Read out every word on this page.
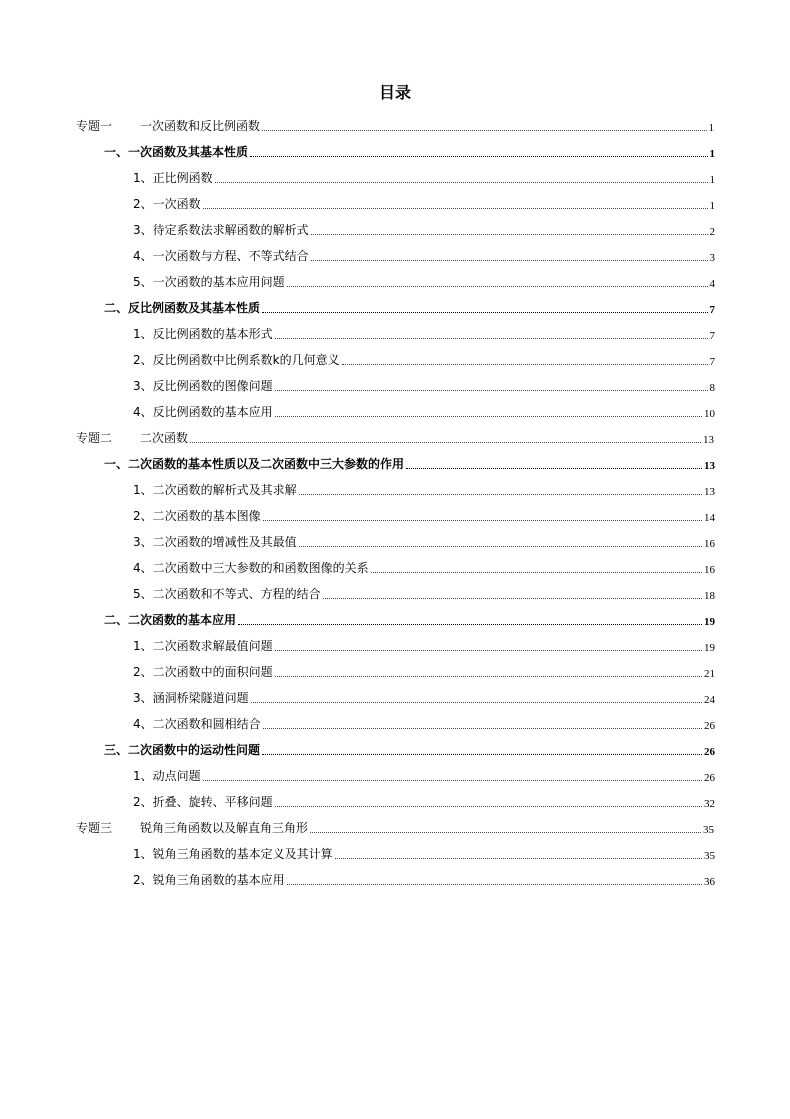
目录
专题一 一次函数和反比例函数	1
一、一次函数及其基本性质	1
1、正比例函数	1
2、一次函数	1
3、待定系数法求解函数的解析式	2
4、一次函数与方程、不等式结合	3
5、一次函数的基本应用问题	4
二、反比例函数及其基本性质	7
1、反比例函数的基本形式	7
2、反比例函数中比例系数k的几何意义	7
3、反比例函数的图像问题	8
4、反比例函数的基本应用	10
专题二 二次函数	13
一、二次函数的基本性质以及二次函数中三大参数的作用	13
1、二次函数的解析式及其求解	13
2、二次函数的基本图像	14
3、二次函数的增减性及其最值	16
4、二次函数中三大参数的和函数图像的关系	16
5、二次函数和不等式、方程的结合	18
二、二次函数的基本应用	19
1、二次函数求解最值问题	19
2、二次函数中的面积问题	21
3、涵洞桥梁隧道问题	24
4、二次函数和圆相结合	26
三、二次函数中的运动性问题	26
1、动点问题	26
2、折叠、旋转、平移问题	32
专题三 锐角三角函数以及解直角三角形	35
1、锐角三角函数的基本定义及其计算	35
2、锐角三角函数的基本应用	36
